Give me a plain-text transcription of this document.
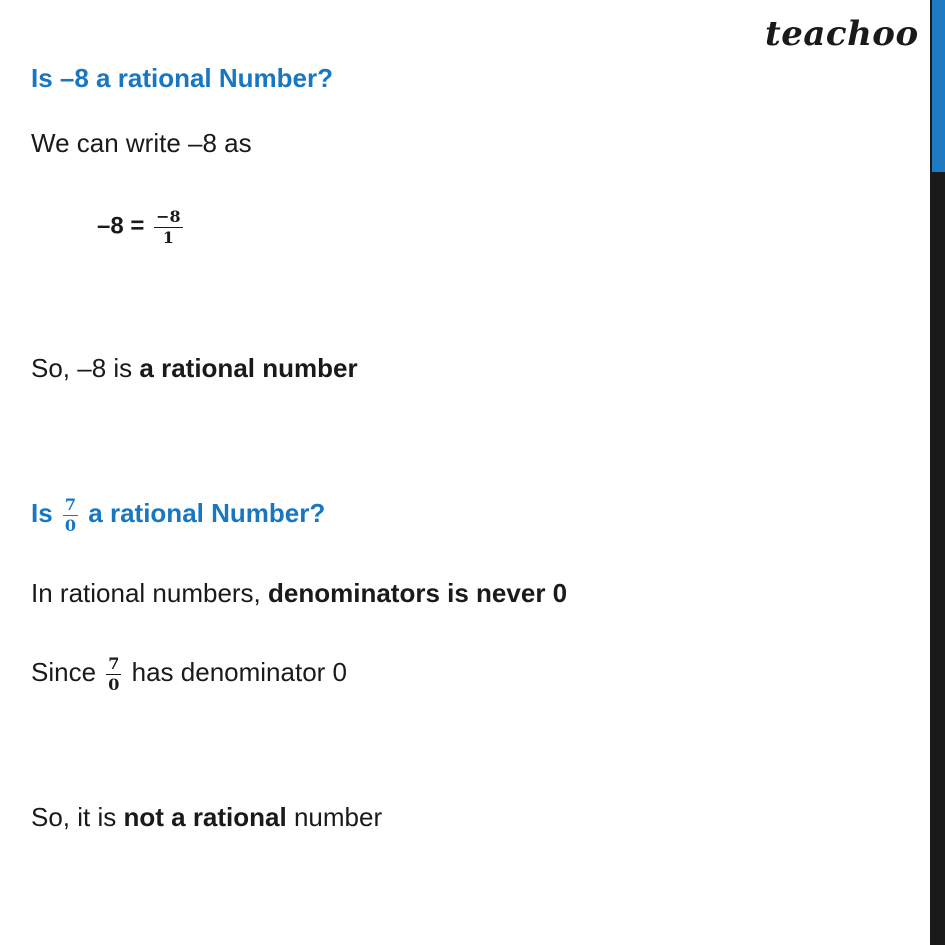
teachoo
Is –8 a rational Number?
We can write –8 as
$-8 = \frac{-8}{1}$
So, –8 is a rational number
Is $\frac{7}{0}$ a rational Number?
In rational numbers, denominators is never 0
Since $\frac{7}{0}$ has denominator 0
So, it is not a rational number
